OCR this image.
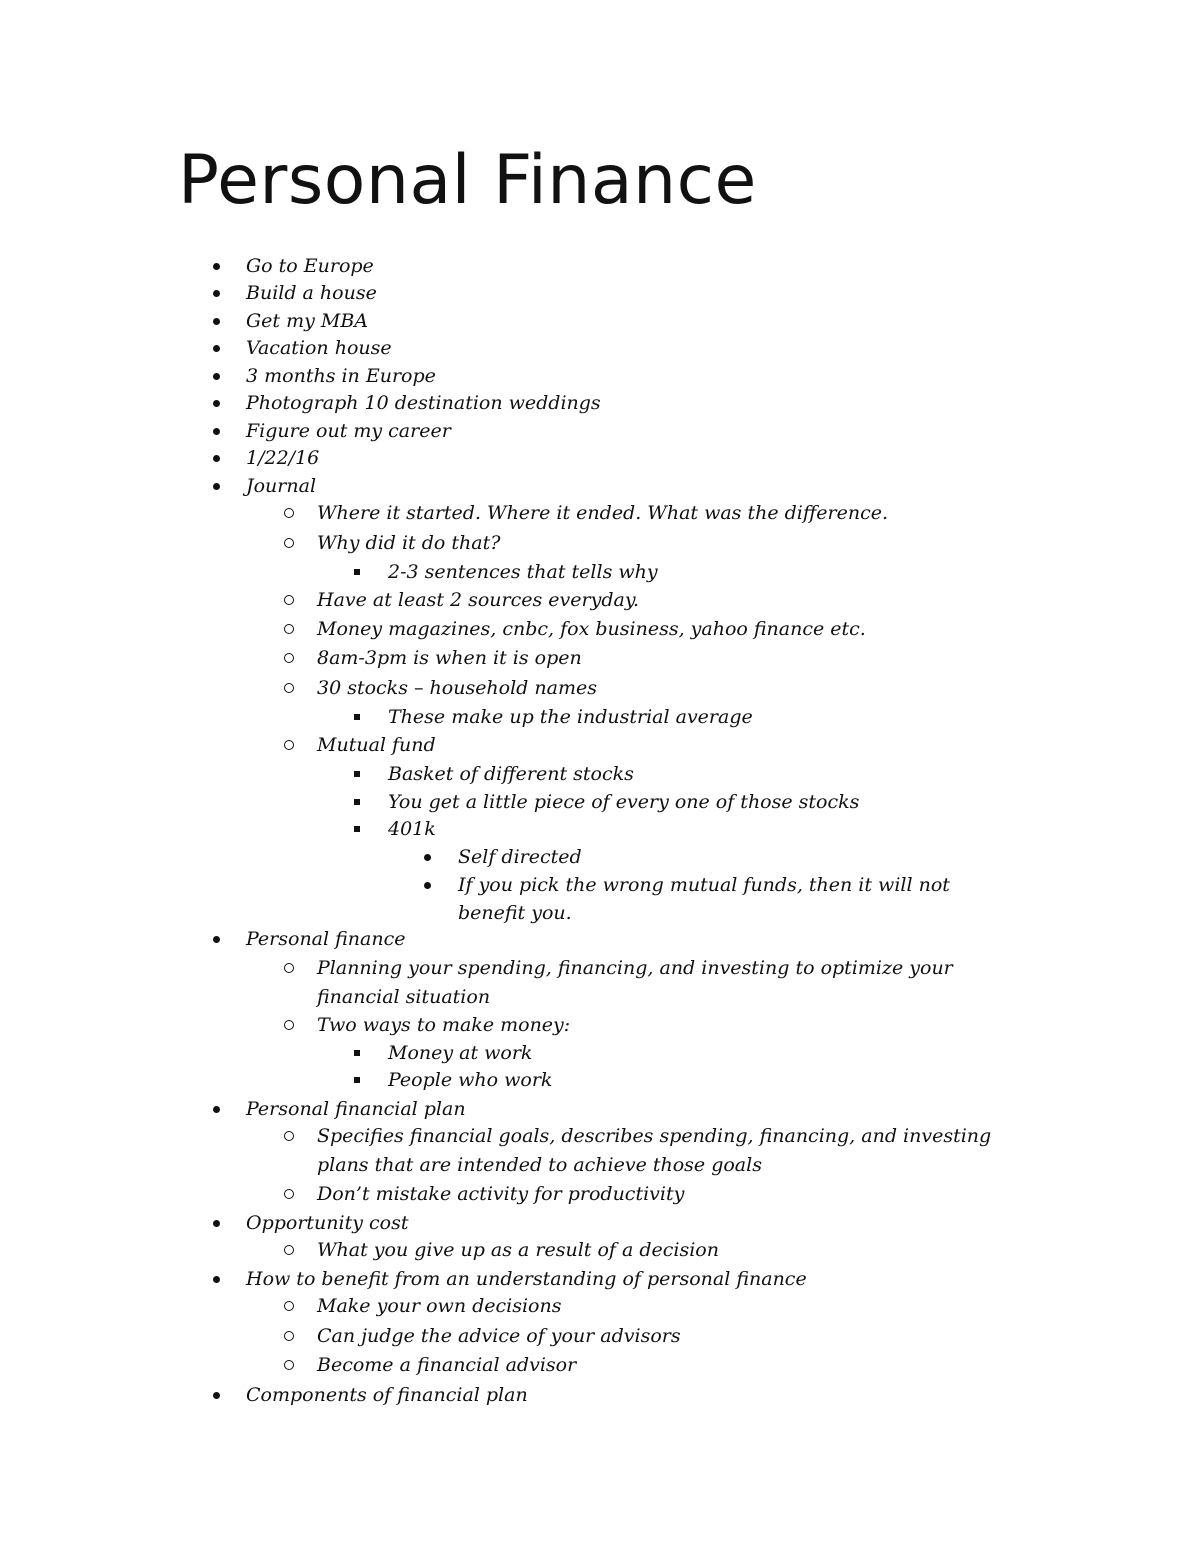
Personal Finance
Go to Europe
Build a house
Get my MBA
Vacation house
3 months in Europe
Photograph 10 destination weddings
Figure out my career
1/22/16
Journal
Where it started. Where it ended. What was the difference.
Why did it do that?
2-3 sentences that tells why
Have at least 2 sources everyday.
Money magazines, cnbc, fox business, yahoo finance etc.
8am-3pm is when it is open
30 stocks – household names
These make up the industrial average
Mutual fund
Basket of different stocks
You get a little piece of every one of those stocks
401k
Self directed
If you pick the wrong mutual funds, then it will not
benefit you.
Personal finance
Planning your spending, financing, and investing to optimize your
financial situation
Two ways to make money:
Money at work
People who work
Personal financial plan
Specifies financial goals, describes spending, financing, and investing
plans that are intended to achieve those goals
Don’t mistake activity for productivity
Opportunity cost
What you give up as a result of a decision
How to benefit from an understanding of personal finance
Make your own decisions
Can judge the advice of your advisors
Become a financial advisor
Components of financial plan
